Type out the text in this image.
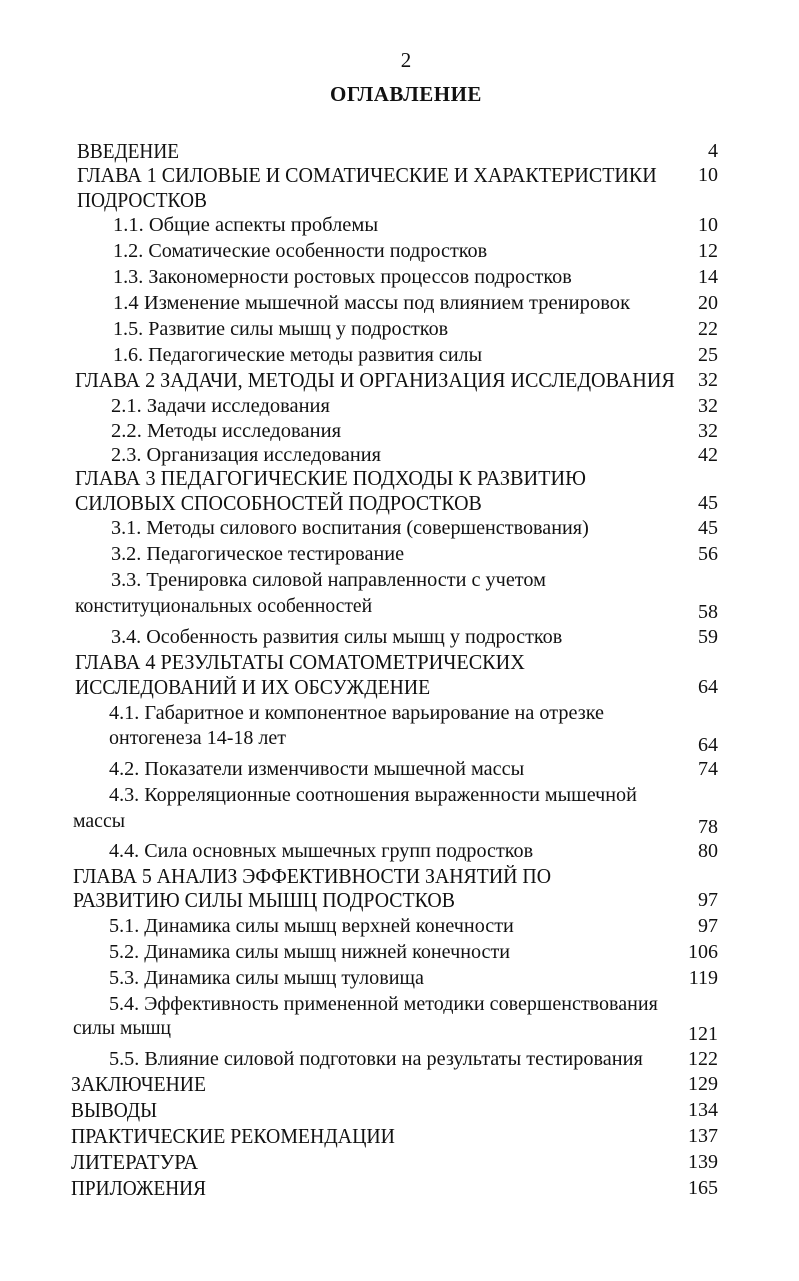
2
ОГЛАВЛЕНИЕ
ВВЕДЕНИЕ	4
ГЛАВА 1 СИЛОВЫЕ И СОМАТИЧЕСКИЕ И ХАРАКТЕРИСТИКИ	10
ПОДРОСТКОВ
1.1. Общие аспекты проблемы	10
1.2. Соматические особенности подростков	12
1.3. Закономерности ростовых процессов подростков	14
1.4 Изменение мышечной массы под влиянием тренировок	20
1.5. Развитие силы мышц у подростков	22
1.6. Педагогические методы развития силы	25
ГЛАВА 2 ЗАДАЧИ, МЕТОДЫ И ОРГАНИЗАЦИЯ ИССЛЕДОВАНИЯ	32
2.1. Задачи исследования	32
2.2. Методы исследования	32
2.3. Организация исследования	42
ГЛАВА 3 ПЕДАГОГИЧЕСКИЕ ПОДХОДЫ К РАЗВИТИЮ
СИЛОВЫХ СПОСОБНОСТЕЙ ПОДРОСТКОВ	45
3.1. Методы силового воспитания (совершенствования)	45
3.2. Педагогическое тестирование	56
3.3. Тренировка силовой направленности с учетом
конституциональных особенностей	58
3.4. Особенность развития силы мышц у подростков	59
ГЛАВА 4 РЕЗУЛЬТАТЫ СОМАТОМЕТРИЧЕСКИХ
ИССЛЕДОВАНИЙ И ИХ ОБСУЖДЕНИЕ	64
4.1. Габаритное и компонентное варьирование на отрезке
онтогенеза 14-18 лет	64
4.2. Показатели изменчивости мышечной массы	74
4.3. Корреляционные соотношения выраженности мышечной
массы	78
4.4. Сила основных мышечных групп подростков	80
ГЛАВА 5 АНАЛИЗ ЭФФЕКТИВНОСТИ ЗАНЯТИЙ ПО
РАЗВИТИЮ СИЛЫ МЫШЦ ПОДРОСТКОВ	97
5.1. Динамика силы мышц верхней конечности	97
5.2. Динамика силы мышц нижней конечности	106
5.3. Динамика силы мышц туловища	119
5.4. Эффективность примененной методики совершенствования
силы мышц	121
5.5. Влияние силовой подготовки на результаты тестирования	122
ЗАКЛЮЧЕНИЕ	129
ВЫВОДЫ	134
ПРАКТИЧЕСКИЕ РЕКОМЕНДАЦИИ	137
ЛИТЕРАТУРА	139
ПРИЛОЖЕНИЯ	165
